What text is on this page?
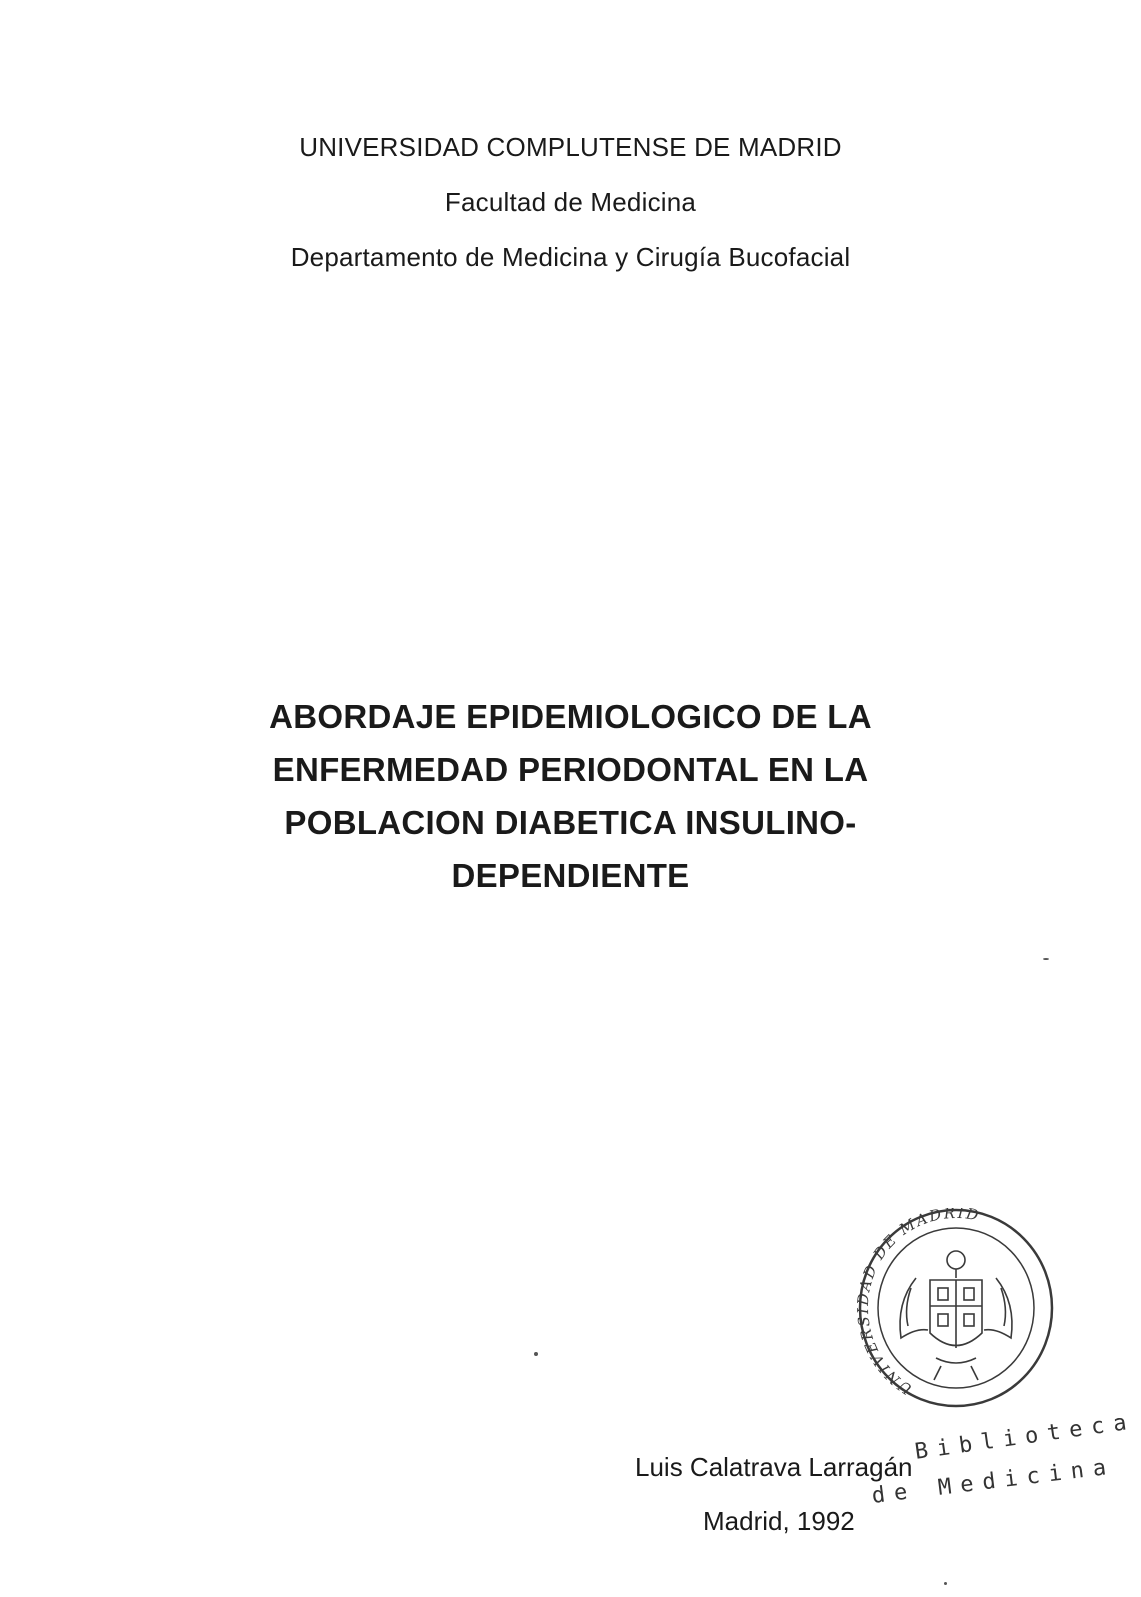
UNIVERSIDAD COMPLUTENSE DE MADRID
Facultad de Medicina
Departamento de Medicina y Cirugía Bucofacial
ABORDAJE EPIDEMIOLOGICO DE LA
ENFERMEDAD PERIODONTAL EN LA
POBLACION DIABETICA INSULINO-
DEPENDIENTE
UNIVERS AD DE MADRID
Luis Calatrava Larragán
Madrid, 1992
Biblioteca
de Medicina
